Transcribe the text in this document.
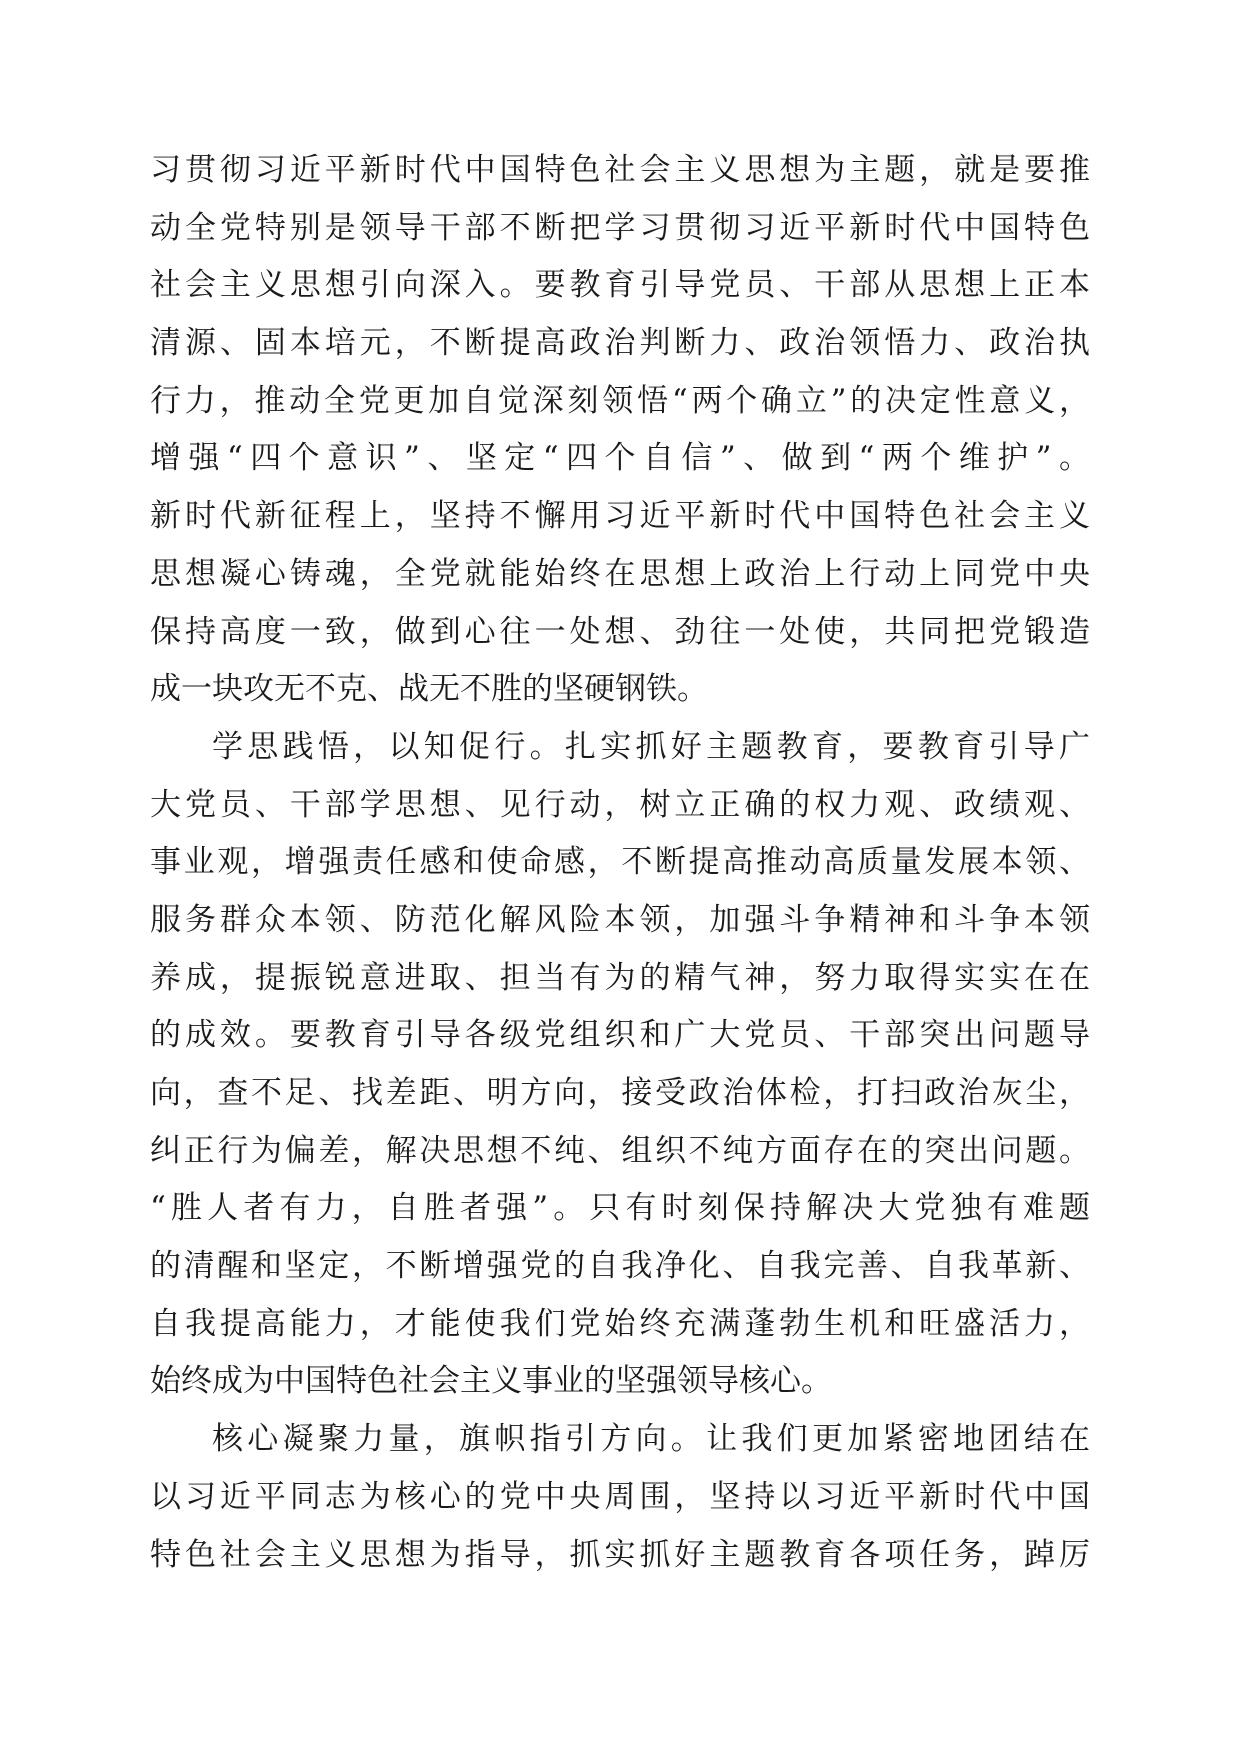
习贯彻习近平新时代中国特色社会主义思想为主题，就是要推
动全党特别是领导干部不断把学习贯彻习近平新时代中国特色
社会主义思想引向深入。要教育引导党员、干部从思想上正本
清源、固本培元，不断提高政治判断力、政治领悟力、政治执
行力，推动全党更加自觉深刻领悟“两个确立”的决定性意义，
增强“四个意识”、坚定“四个自信”、做到“两个维护”。
新时代新征程上，坚持不懈用习近平新时代中国特色社会主义
思想凝心铸魂，全党就能始终在思想上政治上行动上同党中央
保持高度一致，做到心往一处想、劲往一处使，共同把党锻造
成一块攻无不克、战无不胜的坚硬钢铁。
学思践悟，以知促行。扎实抓好主题教育，要教育引导广
大党员、干部学思想、见行动，树立正确的权力观、政绩观、
事业观，增强责任感和使命感，不断提高推动高质量发展本领、
服务群众本领、防范化解风险本领，加强斗争精神和斗争本领
养成，提振锐意进取、担当有为的精气神，努力取得实实在在
的成效。要教育引导各级党组织和广大党员、干部突出问题导
向，查不足、找差距、明方向，接受政治体检，打扫政治灰尘，
纠正行为偏差，解决思想不纯、组织不纯方面存在的突出问题。
“胜人者有力，自胜者强”。只有时刻保持解决大党独有难题
的清醒和坚定，不断增强党的自我净化、自我完善、自我革新、
自我提高能力，才能使我们党始终充满蓬勃生机和旺盛活力，
始终成为中国特色社会主义事业的坚强领导核心。
核心凝聚力量，旗帜指引方向。让我们更加紧密地团结在
以习近平同志为核心的党中央周围，坚持以习近平新时代中国
特色社会主义思想为指导，抓实抓好主题教育各项任务，踔厉
